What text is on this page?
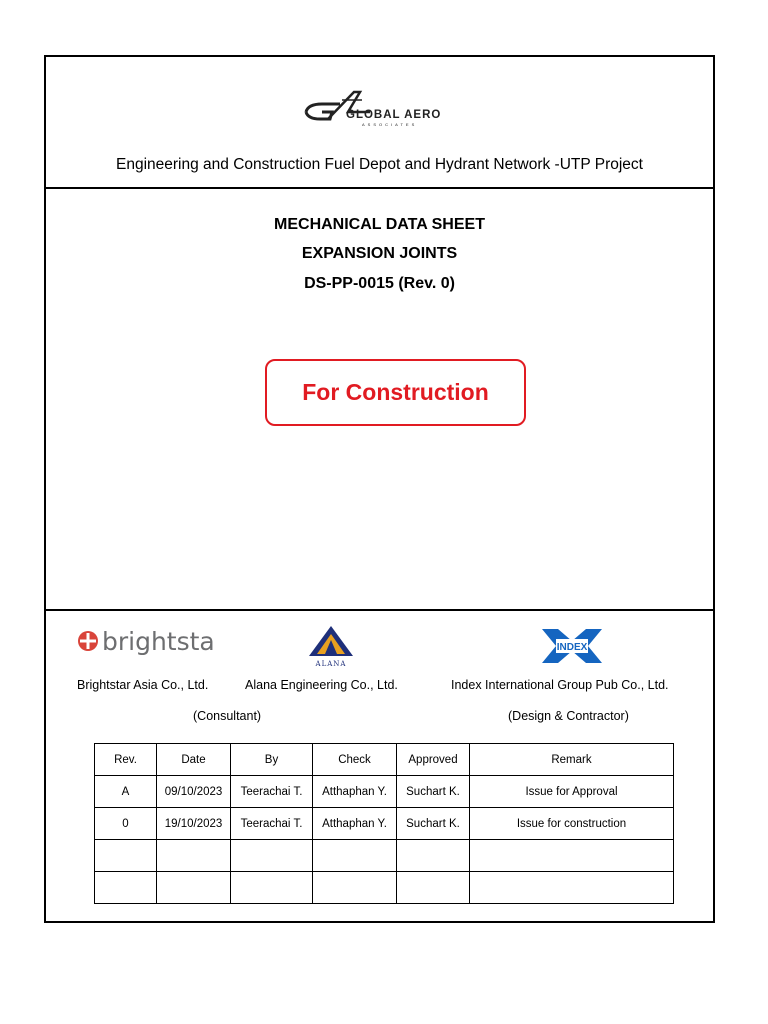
GLOBAL AERO
ASSOCIATES
Engineering and Construction Fuel Depot and Hydrant Network -UTP Project
MECHANICAL DATA SHEET
EXPANSION JOINTS
DS-PP-0015 (Rev. 0)
For Construction
brightstar
ALANA
INDEX
Brightstar Asia Co., Ltd.	Alana Engineering Co., Ltd.	Index International Group Pub Co., Ltd.
(Consultant)	(Design & Contractor)
Rev.	Date	By	Check	Approved	Remark
A	09/10/2023	Teerachai T.	Atthaphan Y.	Suchart K.	Issue for Approval
0	19/10/2023	Teerachai T.	Atthaphan Y.	Suchart K.	Issue for construction
